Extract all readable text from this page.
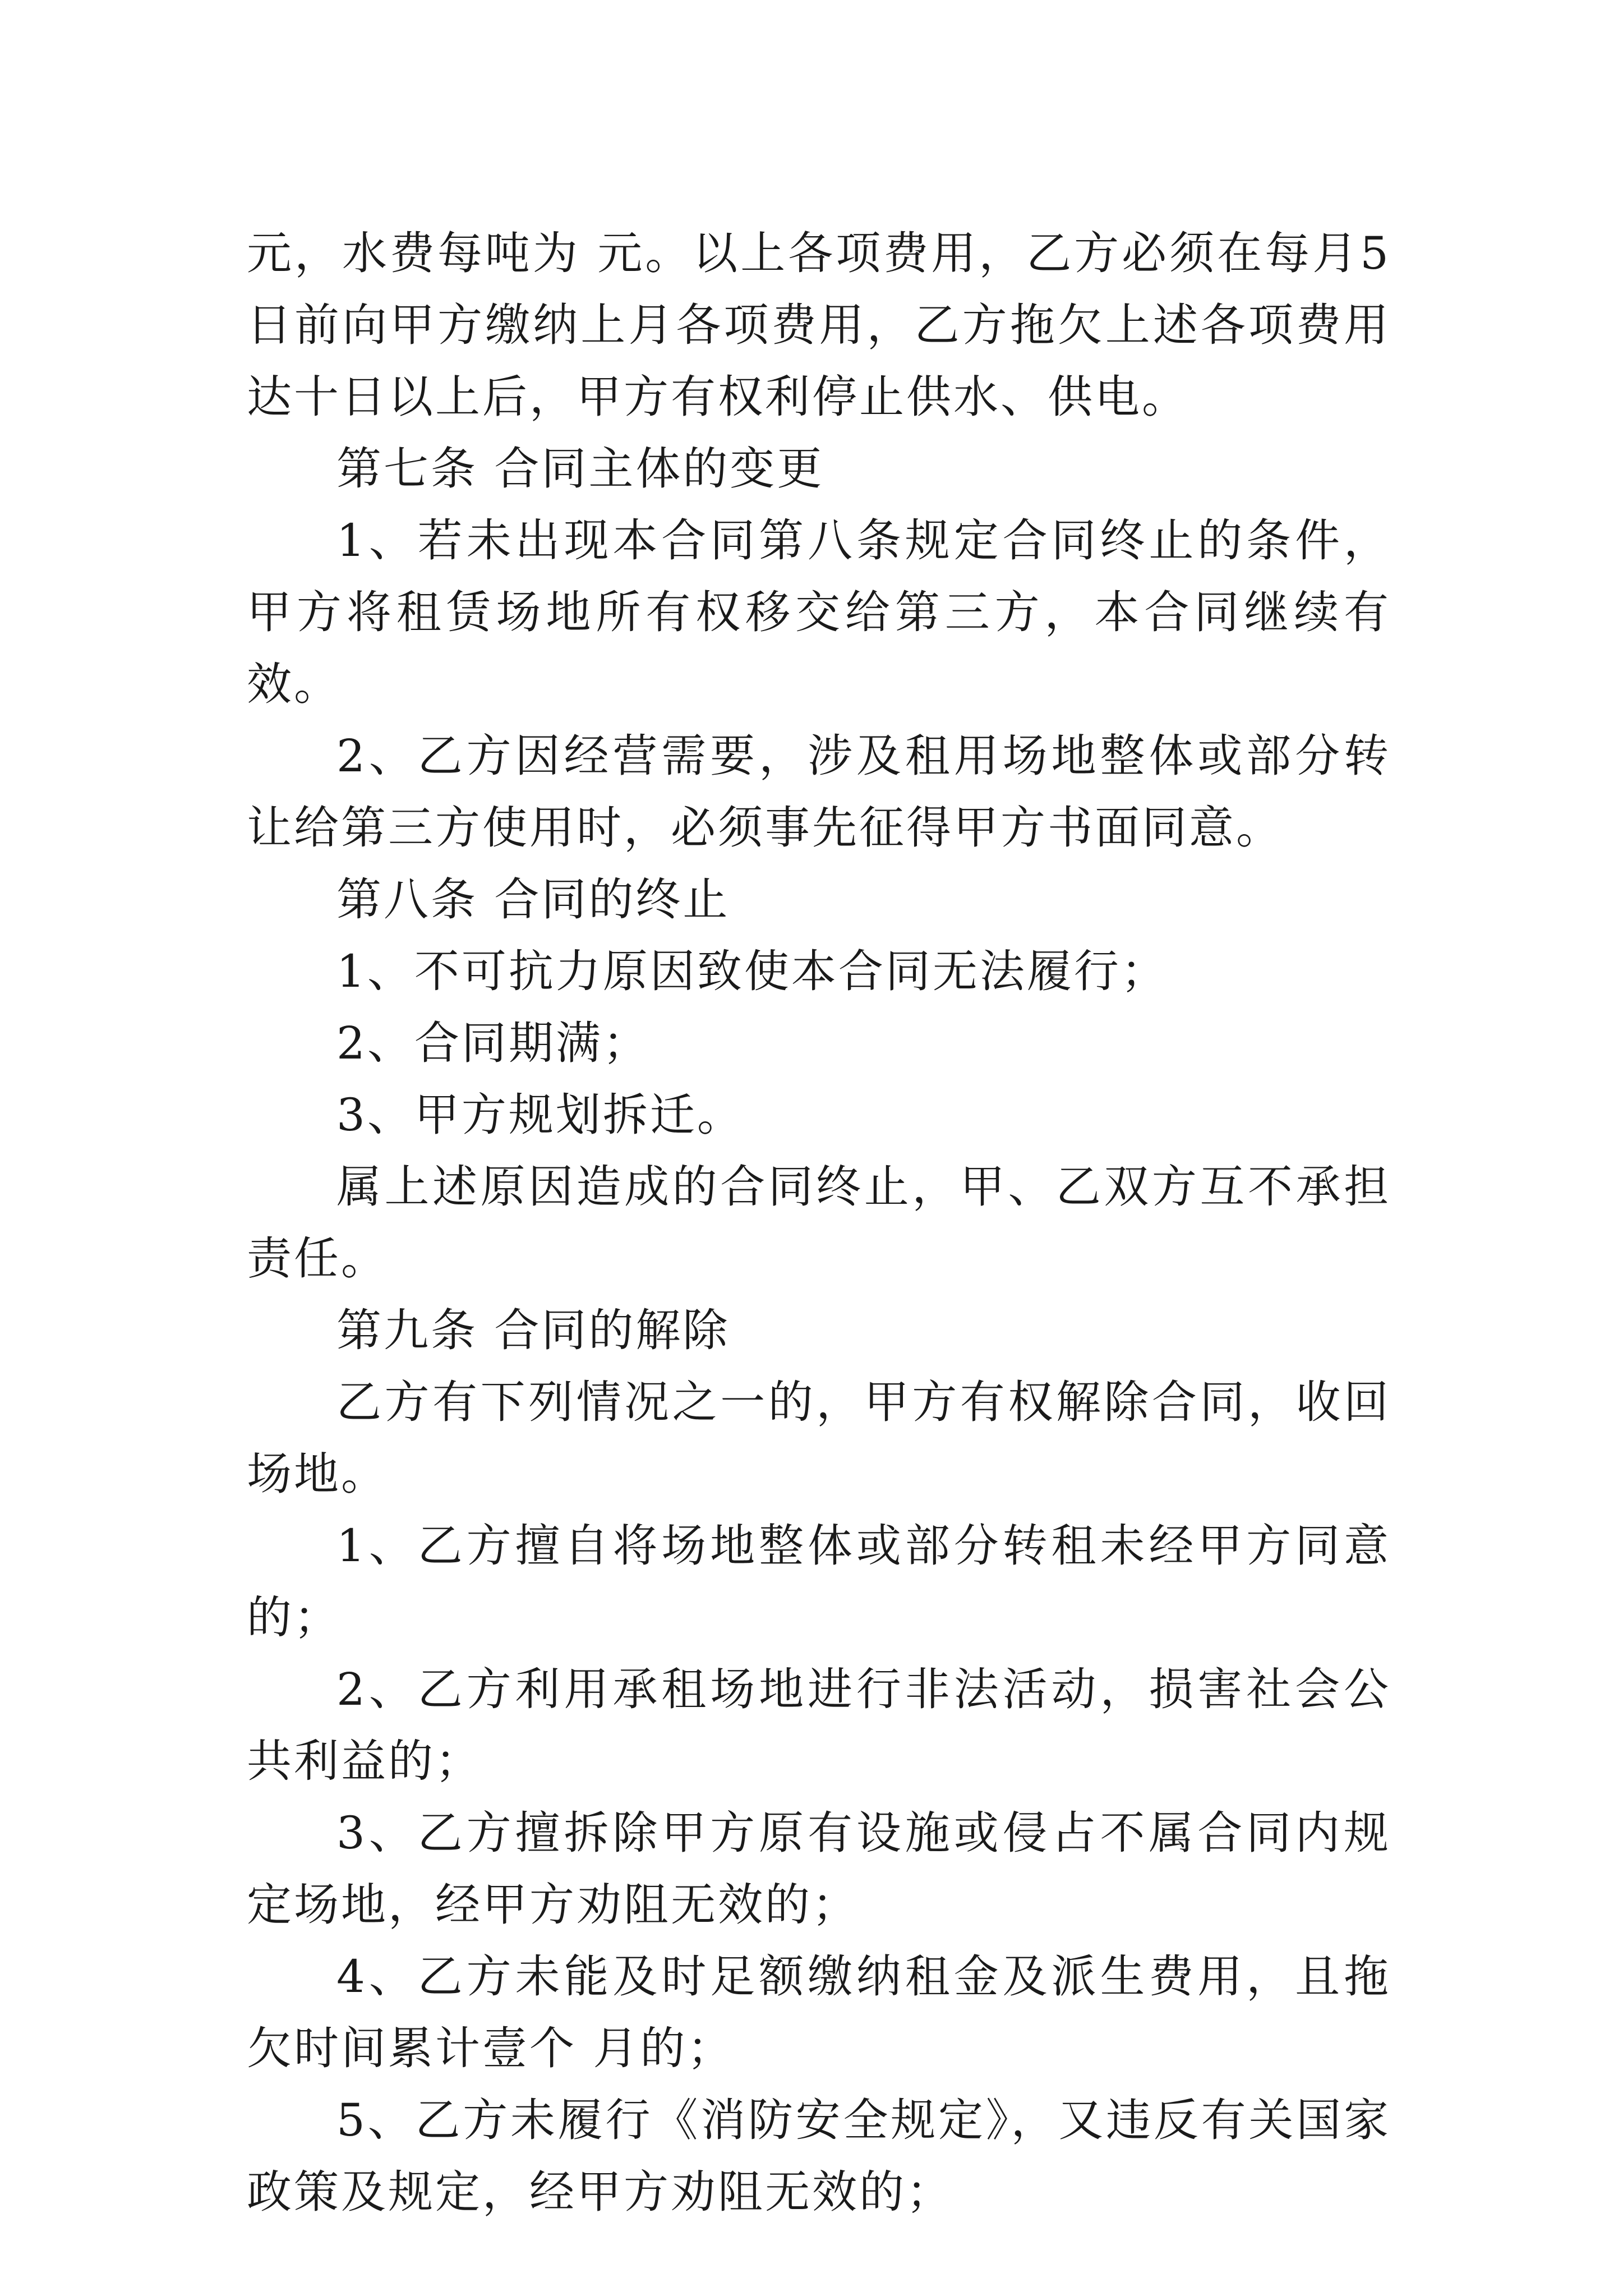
元，水费每吨为 元。以上各项费用，乙方必须在每月5日前向甲方缴纳上月各项费用，乙方拖欠上述各项费用达十日以上后，甲方有权利停止供水、供电。

第七条 合同主体的变更

1、若未出现本合同第八条规定合同终止的条件，甲方将租赁场地所有权移交给第三方，本合同继续有效。

2、乙方因经营需要，涉及租用场地整体或部分转让给第三方使用时，必须事先征得甲方书面同意。

第八条 合同的终止

1、不可抗力原因致使本合同无法履行；

2、合同期满；

3、甲方规划拆迁。

属上述原因造成的合同终止，甲、乙双方互不承担责任。

第九条 合同的解除

乙方有下列情况之一的，甲方有权解除合同，收回场地。

1、乙方擅自将场地整体或部分转租未经甲方同意的；

2、乙方利用承租场地进行非法活动，损害社会公共利益的；

3、乙方擅拆除甲方原有设施或侵占不属合同内规定场地，经甲方劝阻无效的；

4、乙方未能及时足额缴纳租金及派生费用，且拖欠时间累计壹个 月的；

5、乙方未履行《消防安全规定》，又违反有关国家政策及规定，经甲方劝阻无效的；
